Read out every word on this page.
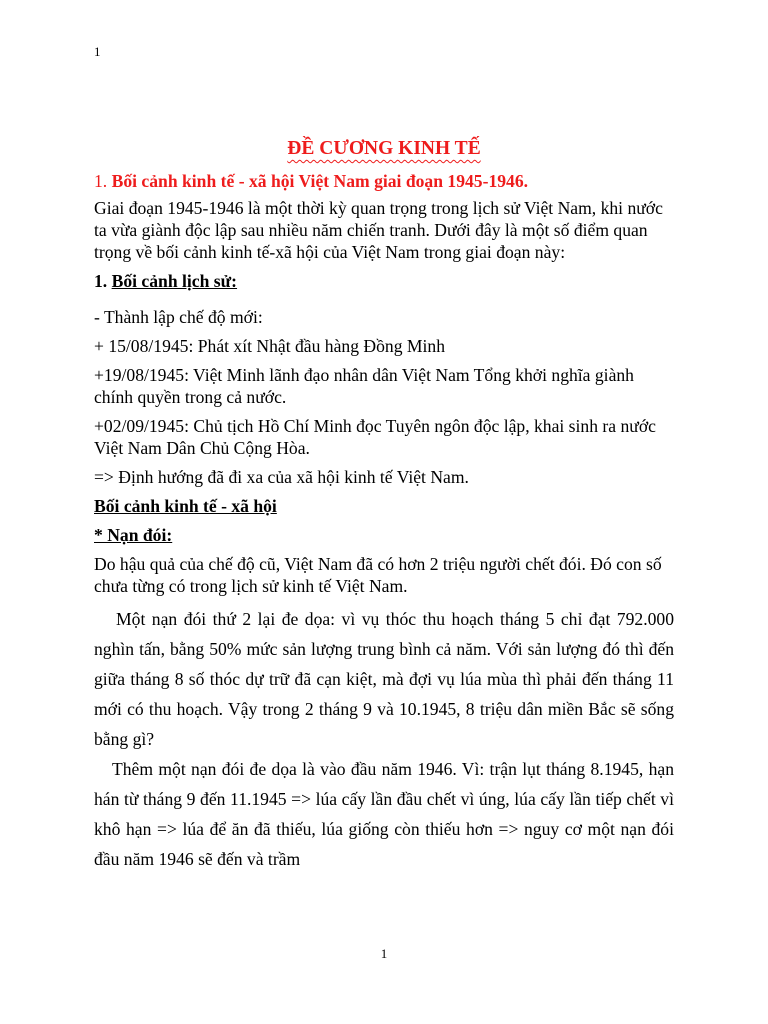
1
ĐỀ CƯƠNG KINH TẾ
1. Bối cảnh kinh tế - xã hội Việt Nam giai đoạn 1945-1946.

Giai đoạn 1945-1946 là một thời kỳ quan trọng trong lịch sử Việt Nam, khi nước ta vừa giành độc lập sau nhiều năm chiến tranh. Dưới đây là một số điểm quan trọng về bối cảnh kinh tế-xã hội của Việt Nam trong giai đoạn này:

1. Bối cảnh lịch sử:

- Thành lập chế độ mới:

+ 15/08/1945: Phát xít Nhật đầu hàng Đồng Minh

+19/08/1945: Việt Minh lãnh đạo nhân dân Việt Nam Tổng khởi nghĩa giành chính quyền trong cả nước.

+02/09/1945: Chủ tịch Hồ Chí Minh đọc Tuyên ngôn độc lập, khai sinh ra nước Việt Nam Dân Chủ Cộng Hòa.

=> Định hướng đã đi xa của xã hội kinh tế Việt Nam.

Bối cảnh kinh tế - xã hội

* Nạn đói:

Do hậu quả của chế độ cũ, Việt Nam đã có hơn 2 triệu người chết đói. Đó con số chưa từng có trong lịch sử kinh tế Việt Nam.

Một nạn đói thứ 2 lại đe dọa: vì vụ thóc thu hoạch tháng 5 chỉ đạt 792.000 nghìn tấn, bằng 50% mức sản lượng trung bình cả năm. Với sản lượng đó thì đến giữa tháng 8 số thóc dự trữ đã cạn kiệt, mà đợi vụ lúa mùa thì phải đến tháng 11 mới có thu hoạch. Vậy trong 2 tháng 9 và 10.1945, 8 triệu dân miền Bắc sẽ sống bằng gì?

Thêm một nạn đói đe dọa là vào đầu năm 1946. Vì: trận lụt tháng 8.1945, hạn hán từ tháng 9 đến 11.1945 => lúa cấy lần đầu chết vì úng, lúa cấy lần tiếp chết vì khô hạn => lúa để ăn đã thiếu, lúa giống còn thiếu hơn => nguy cơ một nạn đói đầu năm 1946 sẽ đến và trầm

1
